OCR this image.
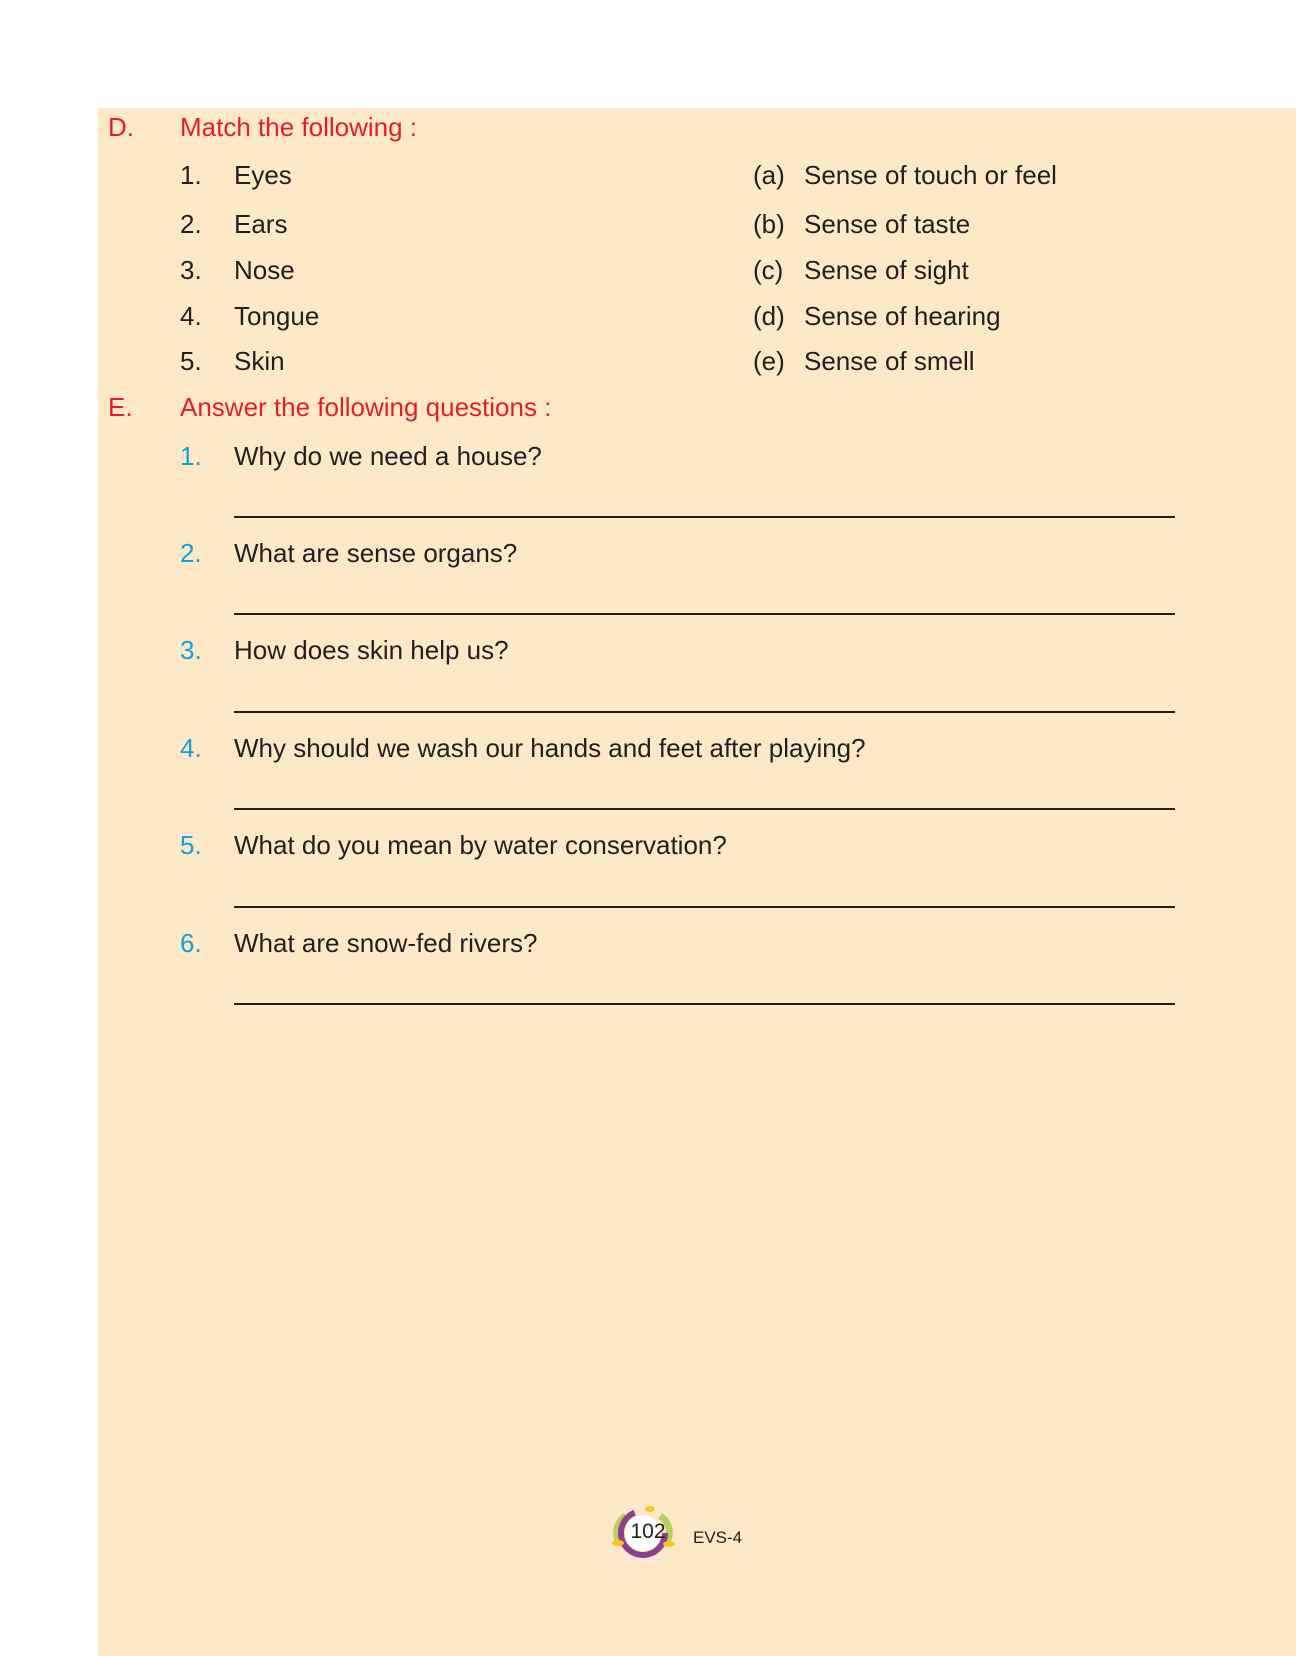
D. Match the following :
1. Eyes	(a) Sense of touch or feel
2. Ears	(b) Sense of taste
3. Nose	(c) Sense of sight
4. Tongue	(d) Sense of hearing
5. Skin	(e) Sense of smell
E. Answer the following questions :
1. Why do we need a house?
2. What are sense organs?
3. How does skin help us?
4. Why should we wash our hands and feet after playing?
5. What do you mean by water conservation?
6. What are snow-fed rivers?
102	EVS-4
